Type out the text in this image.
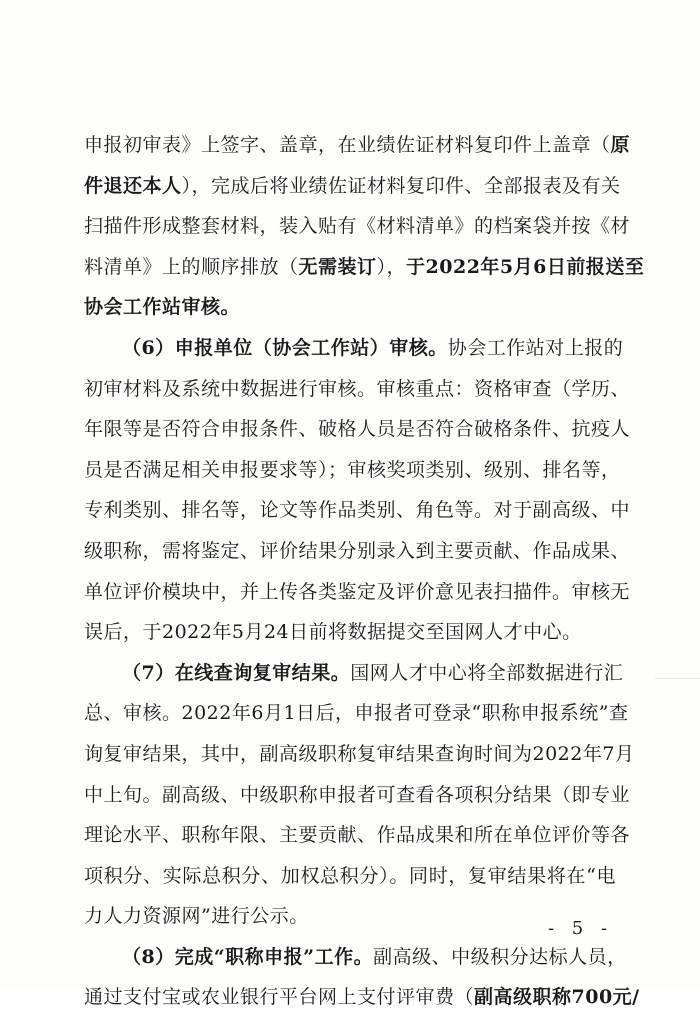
申报初审表》上签字、盖章，在业绩佐证材料复印件上盖章（原
件退还本人），完成后将业绩佐证材料复印件、全部报表及有关
扫描件形成整套材料，装入贴有《材料清单》的档案袋并按《材
料清单》上的顺序排放（无需装订），于2022年5月6日前报送至
协会工作站审核。
（6）申报单位（协会工作站）审核。协会工作站对上报的
初审材料及系统中数据进行审核。审核重点：资格审查（学历、
年限等是否符合申报条件、破格人员是否符合破格条件、抗疫人
员是否满足相关申报要求等）；审核奖项类别、级别、排名等，
专利类别、排名等，论文等作品类别、角色等。对于副高级、中
级职称，需将鉴定、评价结果分别录入到主要贡献、作品成果、
单位评价模块中，并上传各类鉴定及评价意见表扫描件。审核无
误后，于2022年5月24日前将数据提交至国网人才中心。
（7）在线查询复审结果。国网人才中心将全部数据进行汇
总、审核。2022年6月1日后，申报者可登录“职称申报系统”查
询复审结果，其中，副高级职称复审结果查询时间为2022年7月
中上旬。副高级、中级职称申报者可查看各项积分结果（即专业
理论水平、职称年限、主要贡献、作品成果和所在单位评价等各
项积分、实际总积分、加权总积分）。同时，复审结果将在“电
力人力资源网”进行公示。
（8）完成“职称申报”工作。副高级、中级积分达标人员，
通过支付宝或农业银行平台网上支付评审费（副高级职称700元/
- 5 -
